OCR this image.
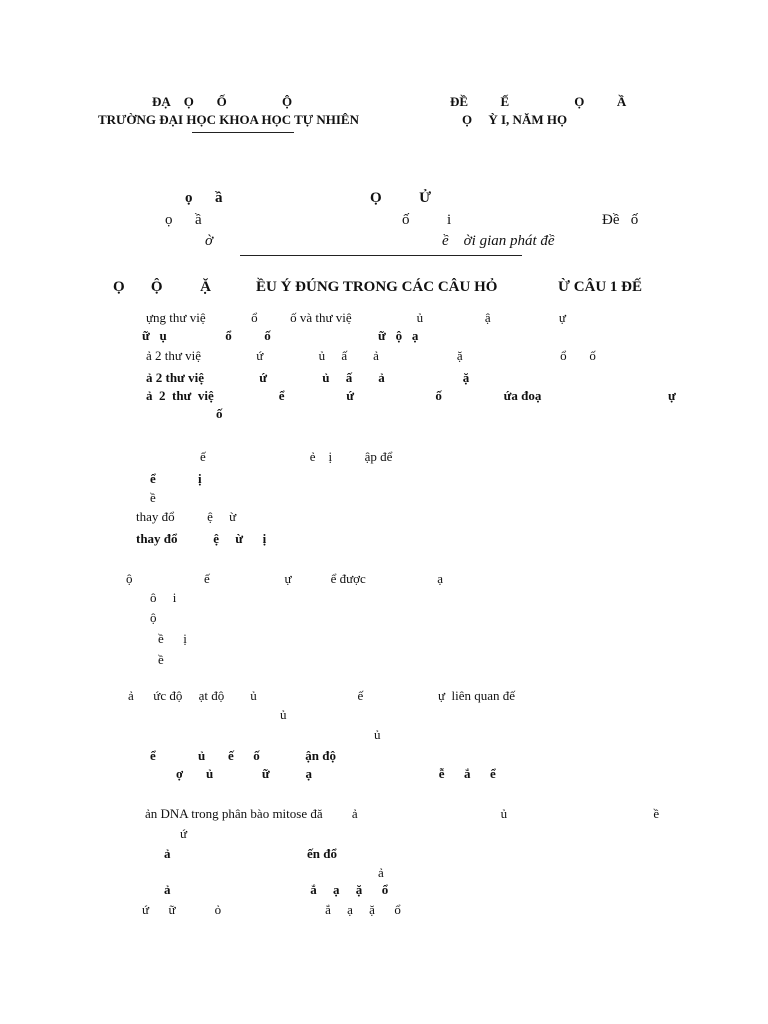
ĐẠ    Ọ       Ố                 Ộ
TRƯỜNG ĐẠI HỌC KHOA HỌC TỰ NHIÊN
ĐỀ          Ế                    Ọ          Ầ
Ọ     Ỳ I, NĂM HỌ
ọ      ầ	Ọ          Ử
ọ      ầ	ố          i	Đề   ố
ờ	ề    ời gian phát đề
Ọ       Ộ          Ặ	ỀU Ý ĐÚNG TRONG CÁC CÂU HỎ	Ừ CÂU 1 ĐẾ
ựng thư việ              ổ          ố và thư việ                    ủ                   ậ                     ự
ữ   ụ                  ổ          ố                                 ữ   ộ   ạ
ả 2 thư việ                 ứ                 ủ     ấ        ả                        ặ                              ổ       ố
ả 2 thư việ                 ứ                 ủ     ấ        ả                        ặ
ả  2  thư  việ                    ể                   ứ                         ố                   ứa đoạ	ự
ố
ế                                ẻ    ị          ập để
ể             ị
ề
thay đổ          ệ     ừ
thay đổ           ệ     ừ      ị
ộ                      ế                       ự            ể được                      ạ
ô     i
ộ
ề      ị
ề
ả      ức độ     ạt độ        ủ                               ế                       ự  liên quan đế
ủ
ủ
ể             ủ       ế      ố              ận độ
ợ       ủ               ữ           ạ                                       ễ      ắ      ể
ản DNA trong phân bào mitose đă         ả                                            ủ                                             ề
ứ
ả                                          ến đổ
ả
ả                                           ắ     ạ     ặ      ổ
ứ      ữ            ỏ                                ắ     ạ     ặ      ổ
